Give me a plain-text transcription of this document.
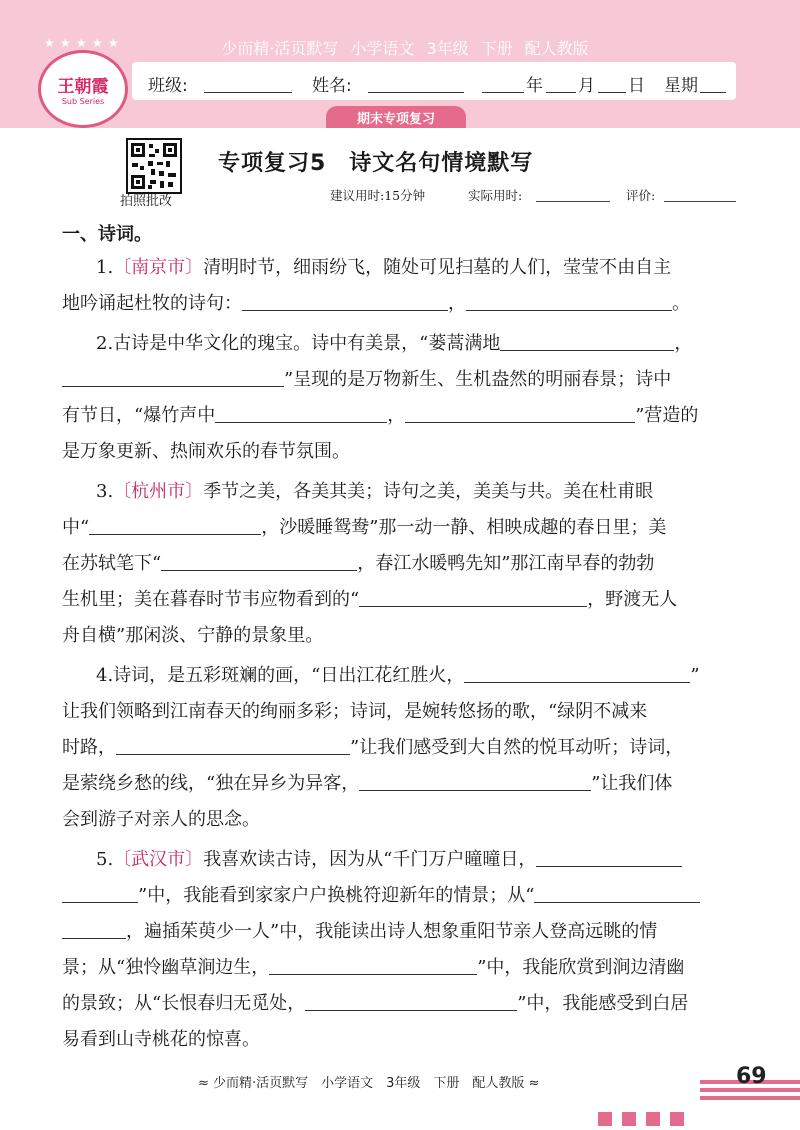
少而精·活页默写 小学语文 3年级 下册 配人教版
★ ★ ★ ★ ★
王朝霞
Sub Series
班级:	姓名:	年 月 日 星期
期末专项复习
拍照批改
专项复习5　诗文名句情境默写
建议用时:15分钟	实际用时:	评价:
一、诗词。

1.〔南京市〕清明时节，细雨纷飞，随处可见扫墓的人们，莹莹不由自主

地吟诵起杜牧的诗句：	，	。

2.古诗是中华文化的瑰宝。诗中有美景，“蒌蒿满地	，

”呈现的是万物新生、生机盎然的明丽春景；诗中

有节日，“爆竹声中	，	”营造的

是万象更新、热闹欢乐的春节氛围。

3.〔杭州市〕季节之美，各美其美；诗句之美，美美与共。美在杜甫眼

中“	，沙暖睡鸳鸯”那一动一静、相映成趣的春日里；美

在苏轼笔下“	，春江水暖鸭先知”那江南早春的勃勃

生机里；美在暮春时节韦应物看到的“	，野渡无人

舟自横”那闲淡、宁静的景象里。

4.诗词，是五彩斑斓的画，“日出江花红胜火，	”

让我们领略到江南春天的绚丽多彩；诗词，是婉转悠扬的歌，“绿阴不减来

时路，	”让我们感受到大自然的悦耳动听；诗词，

是萦绕乡愁的线，“独在异乡为异客，	”让我们体

会到游子对亲人的思念。

5.〔武汉市〕我喜欢读古诗，因为从“千门万户曈曈日，

”中，我能看到家家户户换桃符迎新年的情景；从“

，遍插茱萸少一人”中，我能读出诗人想象重阳节亲人登高远眺的情

景；从“独怜幽草涧边生，	”中，我能欣赏到涧边清幽

的景致；从“长恨春归无觅处，	”中，我能感受到白居

易看到山寺桃花的惊喜。

≈ 少而精·活页默写　小学语文　3年级　下册　配人教版 ≈	69
